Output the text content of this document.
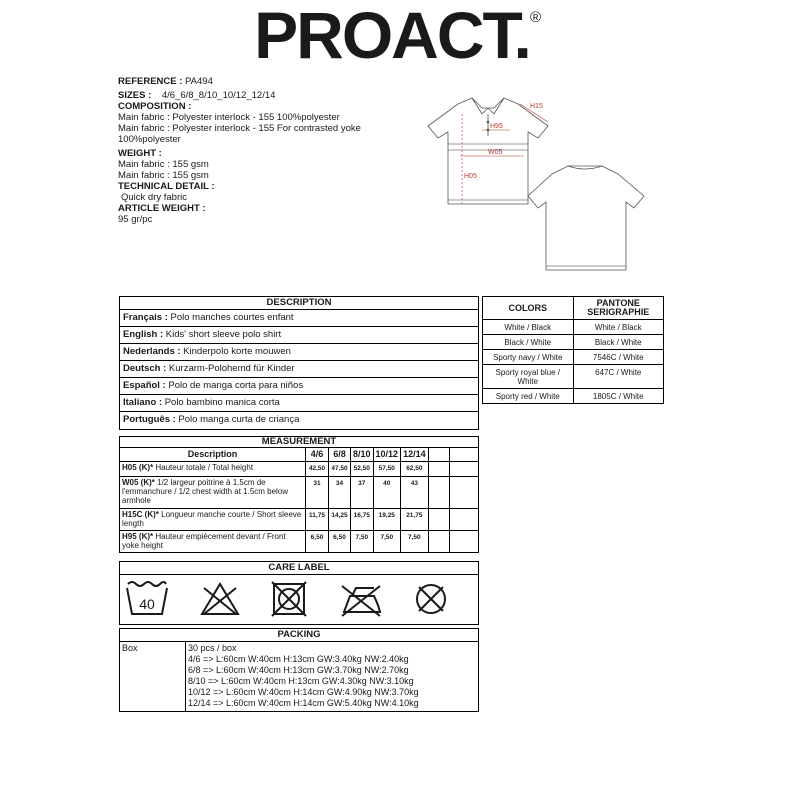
PROACT. ®
REFERENCE : PA494
SIZES : 4/6_6/8_8/10_10/12_12/14
COMPOSITION :
Main fabric : Polyester interlock - 155 100%polyester
Main fabric : Polyester interlock - 155 For contrasted yoke
100%polyester
WEIGHT :
Main fabric : 155 gsm
Main fabric : 155 gsm
TECHNICAL DETAIL :
Quick dry fabric
ARTICLE WEIGHT :
95 gr/pc
H15
H95
W05
H05
DESCRIPTION
Français : Polo manches courtes enfant
English : Kids' short sleeve polo shirt
Nederlands : Kinderpolo korte mouwen
Deutsch : Kurzarm-Polohemd für Kinder
Español : Polo de manga corta para niños
Italiano : Polo bambino manica corta
Português : Polo manga curta de criança
COLORS	PANTONE SERIGRAPHIE
White / Black	White / Black
Black / White	Black / White
Sporty navy / White	7546C / White
Sporty royal blue / White	647C / White
Sporty red / White	1805C / White
MEASUREMENT							
Description	4/6	6/8	8/10	10/12	12/14		
H05 (K)* Hauteur totale / Total height	42,50	47,50	52,50	57,50	62,50		
W05 (K)* 1/2 largeur poitrine à 1.5cm de l'emmanchure / 1/2 chest width at 1.5cm below armhole	31	34	37	40	43		
H15C (K)* Longueur manche courte / Short sleeve length	11,75	14,25	16,75	19,25	21,75		
H95 (K)* Hauteur empiècement devant / Front yoke height	6,50	6,50	7,50	7,50	7,50		
CARE LABEL
40
PACKING
Box	30 pcs / box
4/6 => L:60cm W:40cm H:13cm GW:3.40kg NW:2.40kg
6/8 => L:60cm W:40cm H:13cm GW:3.70kg NW:2.70kg
8/10 => L:60cm W:40cm H:13cm GW:4.30kg NW:3.10kg
10/12 => L:60cm W:40cm H:14cm GW:4.90kg NW:3.70kg
12/14 => L:60cm W:40cm H:14cm GW:5.40kg NW:4.10kg
